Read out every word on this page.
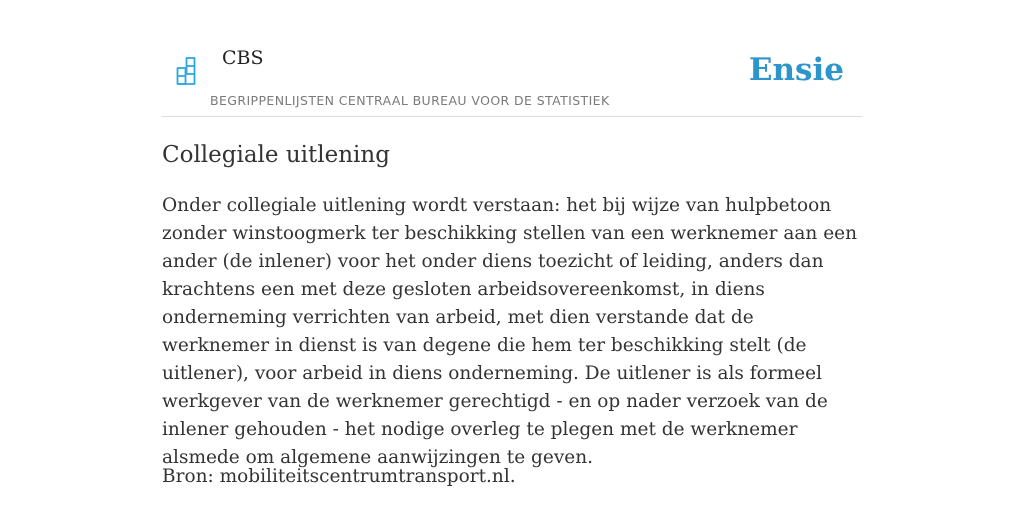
CBS
BEGRIPPENLIJSTEN CENTRAAL BUREAU VOOR DE STATISTIEK
Ensie
Collegiale uitlening

Onder collegiale uitlening wordt verstaan: het bij wijze van hulpbetoon zonder winstoogmerk ter beschikking stellen van een werknemer aan een ander (de inlener) voor het onder diens toezicht of leiding, anders dan krachtens een met deze gesloten arbeidsovereenkomst, in diens onderneming verrichten van arbeid, met dien verstande dat de werknemer in dienst is van degene die hem ter beschikking stelt (de uitlener), voor arbeid in diens onderneming. De uitlener is als formeel werkgever van de werknemer gerechtigd - en op nader verzoek van de inlener gehouden - het nodige overleg te plegen met de werknemer alsmede om algemene aanwijzingen te geven.

Bron: mobiliteitscentrumtransport.nl.
